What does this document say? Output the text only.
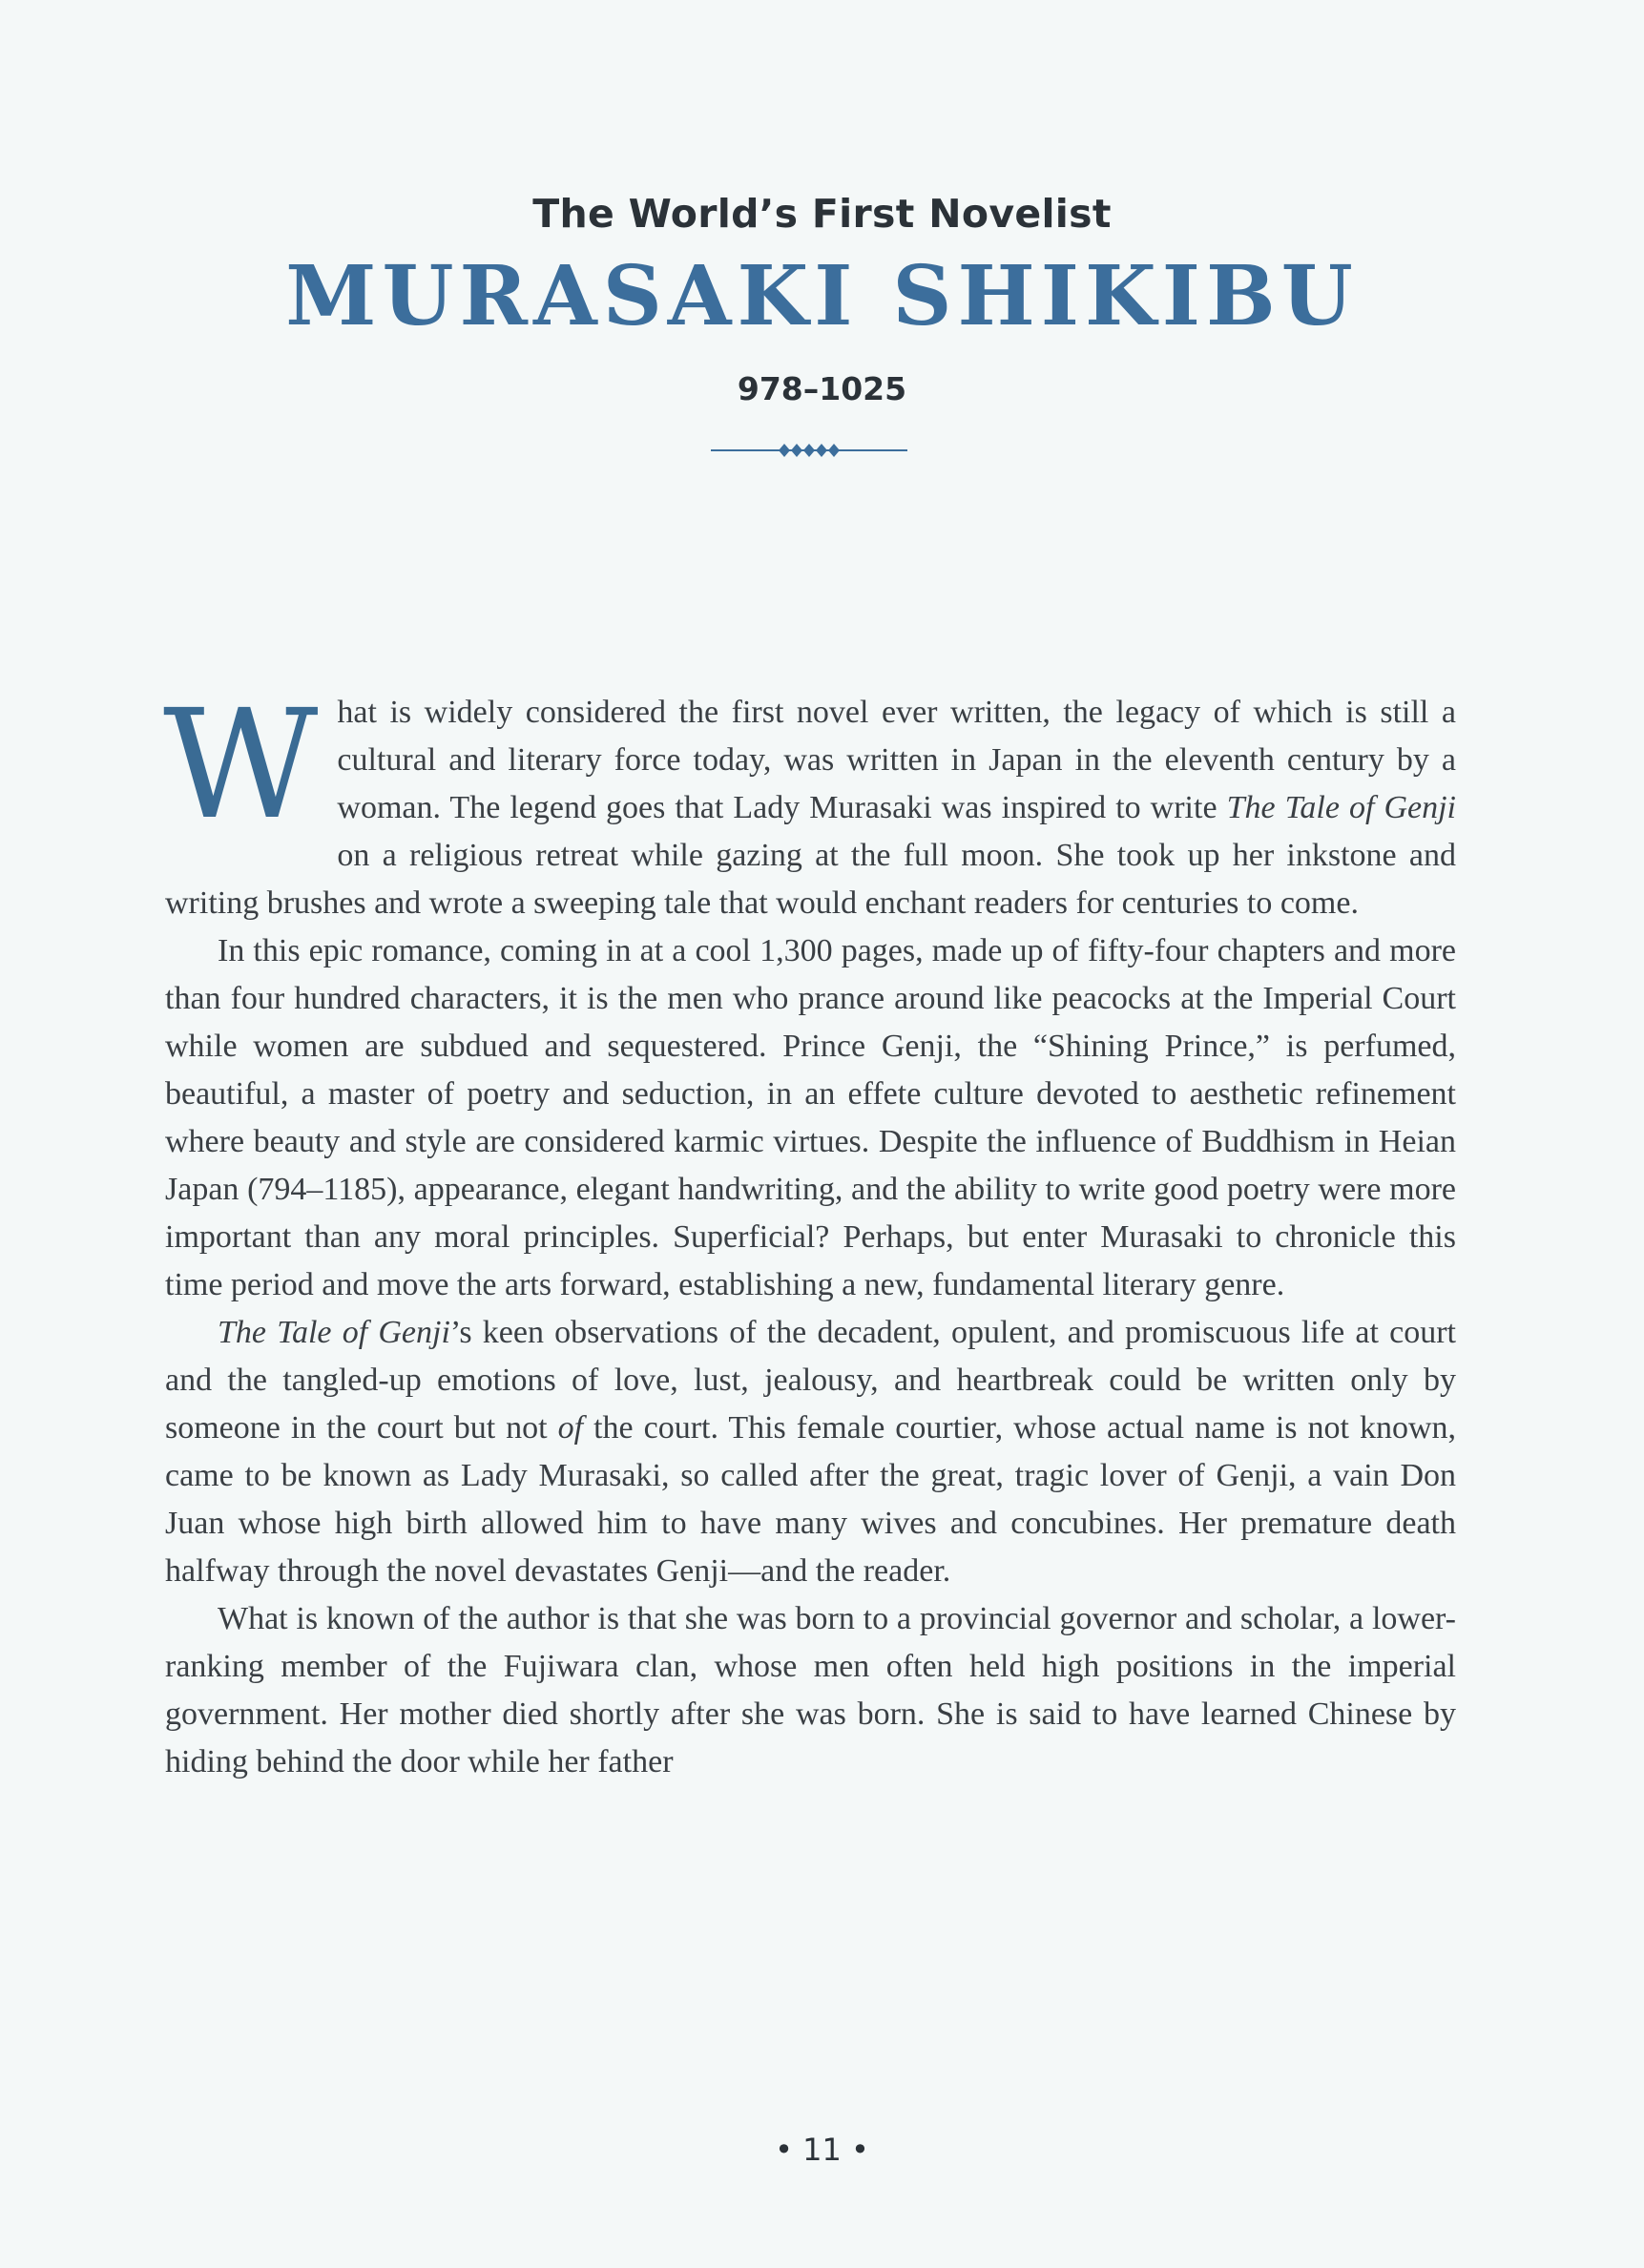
The World’s First Novelist
MURASAKI SHIKIBU
978–1025

What is widely considered the first novel ever written, the legacy of which is still a cultural and literary force today, was written in Japan in the eleventh century by a woman. The legend goes that Lady Murasaki was inspired to write The Tale of Genji on a religious retreat while gazing at the full moon. She took up her inkstone and writing brushes and wrote a sweeping tale that would enchant readers for centuries to come.

In this epic romance, coming in at a cool 1,300 pages, made up of fifty-four chapters and more than four hundred characters, it is the men who prance around like peacocks at the Imperial Court while women are subdued and sequestered. Prince Genji, the “Shining Prince,” is perfumed, beautiful, a master of poetry and seduction, in an effete culture devoted to aesthetic refinement where beauty and style are considered karmic virtues. Despite the influence of Buddhism in Heian Japan (794–1185), appearance, elegant handwriting, and the ability to write good poetry were more important than any moral principles. Superficial? Perhaps, but enter Murasaki to chronicle this time period and move the arts forward, establishing a new, fundamental literary genre.

The Tale of Genji’s keen observations of the decadent, opulent, and promiscuous life at court and the tangled-up emotions of love, lust, jealousy, and heartbreak could be written only by someone in the court but not of the court. This female courtier, whose actual name is not known, came to be known as Lady Murasaki, so called after the great, tragic lover of Genji, a vain Don Juan whose high birth allowed him to have many wives and concubines. Her premature death halfway through the novel devastates Genji—and the reader.

What is known of the author is that she was born to a provincial governor and scholar, a lower-ranking member of the Fujiwara clan, whose men often held high positions in the imperial government. Her mother died shortly after she was born. She is said to have learned Chinese by hiding behind the door while her father

• 11 •
